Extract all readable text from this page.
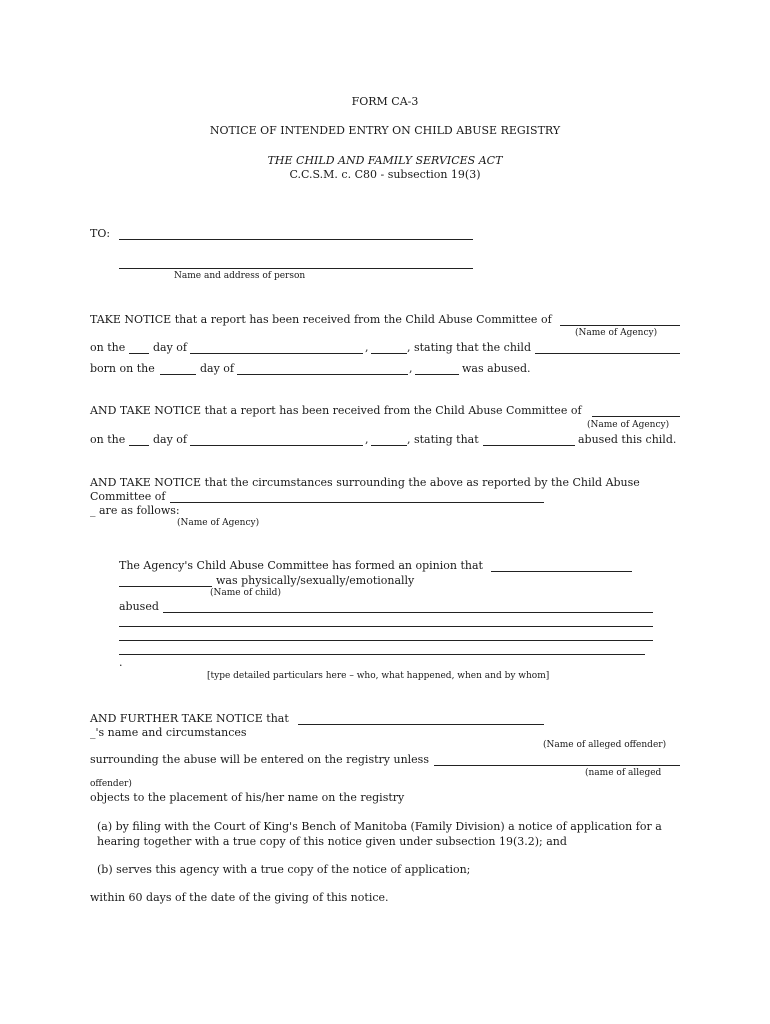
FORM CA-3
NOTICE OF INTENDED ENTRY ON CHILD ABUSE REGISTRY
THE CHILD AND FAMILY SERVICES ACT
C.C.S.M. c. C80 - subsection 19(3)
TO:
Name and address of person
TAKE NOTICE that a report has been received from the Child Abuse Committee of
(Name of Agency)
on the	day of	,	, stating that the child
born on the	day of	,	was abused.
AND TAKE NOTICE that a report has been received from the Child Abuse Committee of
(Name of Agency)
on the	day of	,	, stating that	abused this child.
AND TAKE NOTICE that the circumstances surrounding the above as reported by the Child Abuse
Committee of
_ are as follows:
(Name of Agency)
The Agency's Child Abuse Committee has formed an opinion that
was physically/sexually/emotionally
(Name of child)
abused
.
[type detailed particulars here – who, what happened, when and by whom]
AND FURTHER TAKE NOTICE that
_'s name and circumstances
(Name of alleged offender)
surrounding the abuse will be entered on the registry unless
(name of alleged
offender)
objects to the placement of his/her name on the registry
(a) by filing with the Court of King's Bench of Manitoba (Family Division) a notice of application for a
hearing together with a true copy of this notice given under subsection 19(3.2); and
(b) serves this agency with a true copy of the notice of application;
within 60 days of the date of the giving of this notice.
